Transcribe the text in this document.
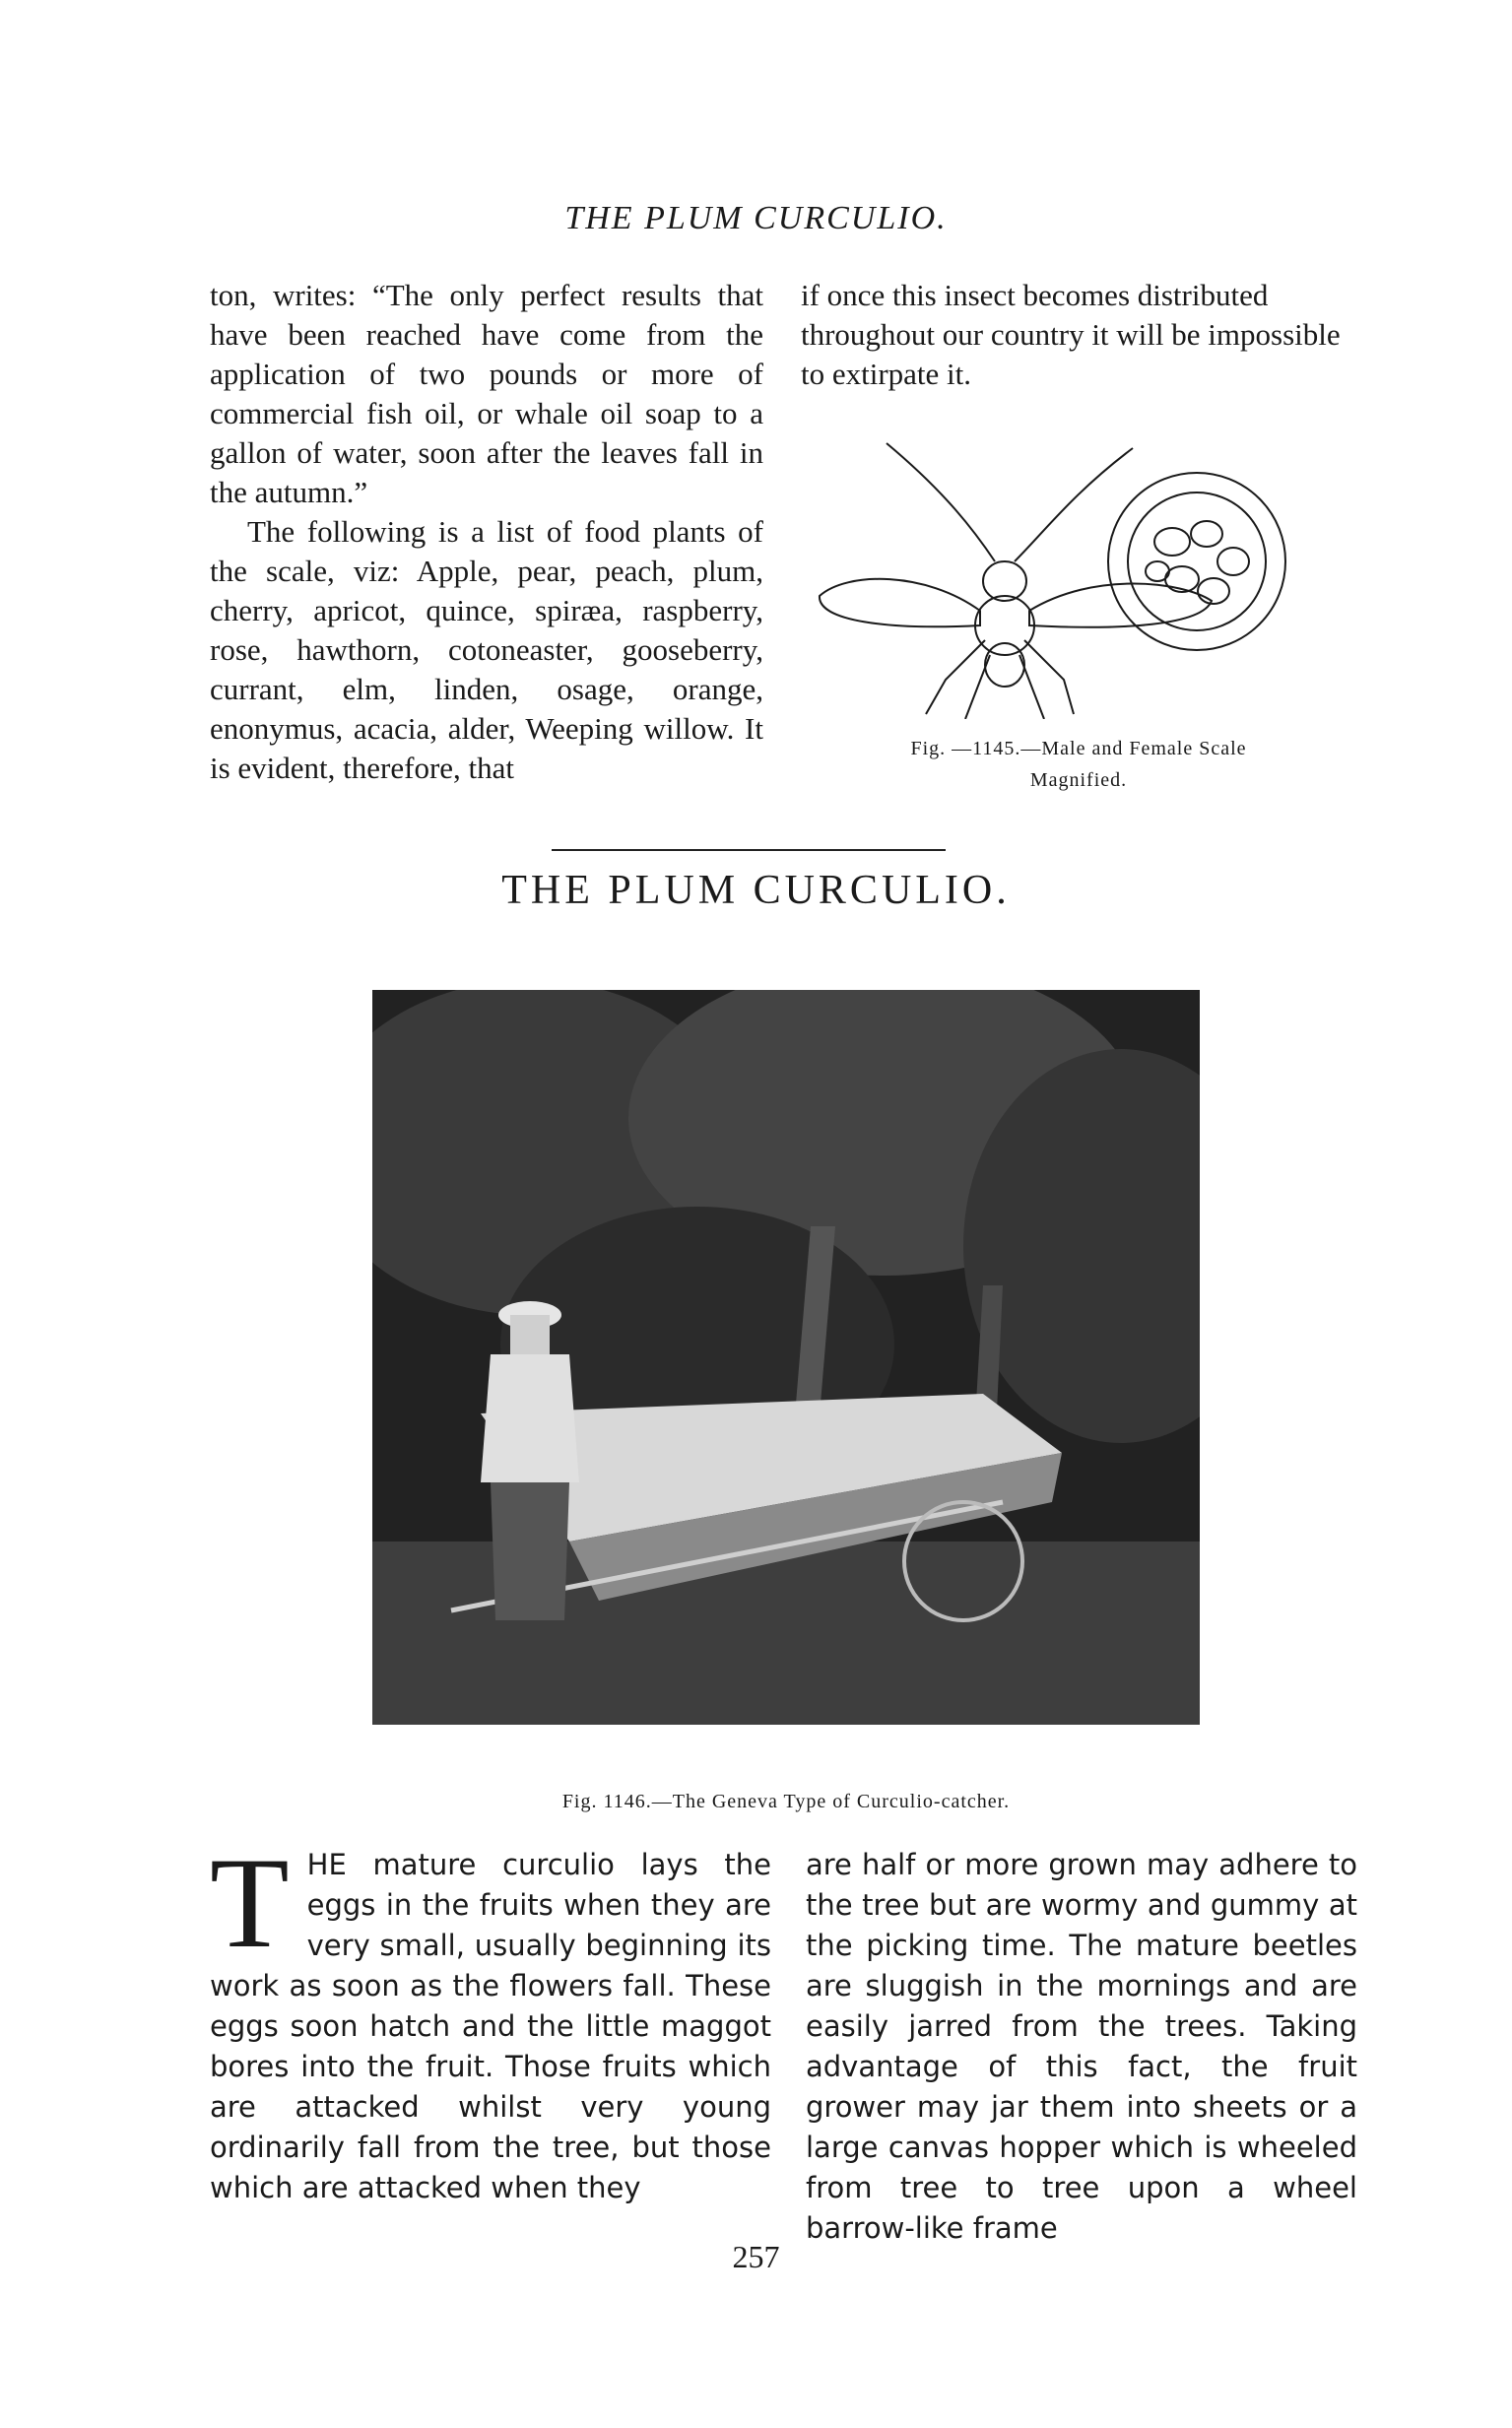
THE PLUM CURCULIO.

ton, writes: “The only perfect results that have been reached have come from the application of two pounds or more of commercial fish oil, or whale oil soap to a gallon of water, soon after the leaves fall in the autumn.”

The following is a list of food plants of the scale, viz: Apple, pear, peach, plum, cherry, apricot, quince, spiræa, raspberry, rose, hawthorn, cotoneaster, gooseberry, currant, elm, linden, osage, orange, enonymus, acacia, alder, Weeping willow. It is evident, therefore, that

if once this insect becomes distributed throughout our country it will be impossible to extirpate it.

Fig. —1145.—Male and Female Scale
Magnified.
THE PLUM CURCULIO.
Fig. 1146.—The Geneva Type of Curculio-catcher.
T HE mature curculio lays the eggs in the fruits when they are very small, usually beginning its work as soon as the flowers fall. These eggs soon hatch and the little maggot bores into the fruit. Those fruits which are attacked whilst very young ordinarily fall from the tree, but those which are attacked when they
are half or more grown may adhere to the tree but are wormy and gummy at the picking time. The mature beetles are sluggish in the mornings and are easily jarred from the trees. Taking advantage of this fact, the fruit grower may jar them into sheets or a large canvas hopper which is wheeled from tree to tree upon a wheel barrow-like frame
257
